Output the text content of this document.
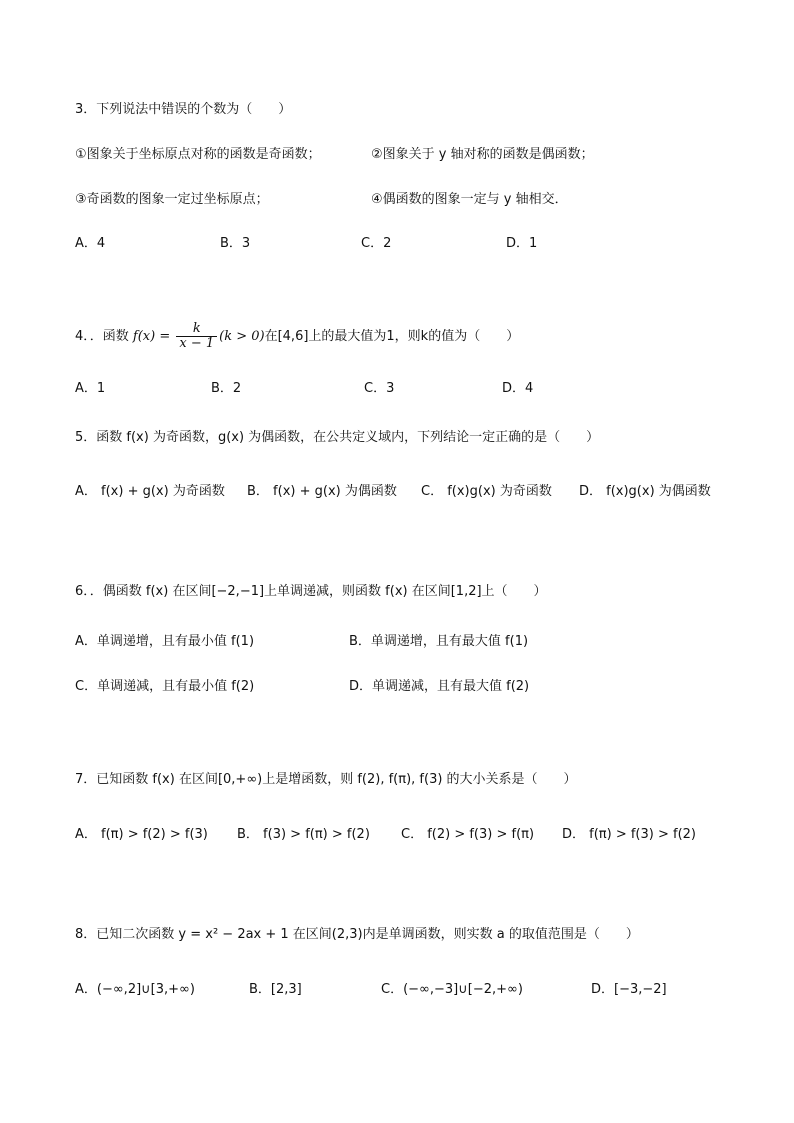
3．下列说法中错误的个数为（　　）
①图象关于坐标原点对称的函数是奇函数；	②图象关于 y 轴对称的函数是偶函数；
③奇函数的图象一定过坐标原点；	④偶函数的图象一定与 y 轴相交．
A．4	B．3	C．2	D．1
4．．函数 $f(x) = \frac{k}{x - 1} (k > 0)$在[4,6]上的最大值为1，则k的值为（　　）
A．1	B．2	C．3	D．4
5．函数 f(x) 为奇函数，g(x) 为偶函数，在公共定义域内，下列结论一定正确的是（　　）
A． f(x) + g(x) 为奇函数 B． f(x) + g(x) 为偶函数 C． f(x)g(x) 为奇函数 D． f(x)g(x) 为偶函数
6．．偶函数 f(x) 在区间[−2,−1]上单调递减，则函数 f(x) 在区间[1,2]上（　　）
A．单调递增，且有最小值 f(1)	B．单调递增，且有最大值 f(1)
C．单调递减，且有最小值 f(2)	D．单调递减，且有最大值 f(2)
7．已知函数 f(x) 在区间[0,+∞)上是增函数，则 f(2), f(π), f(3) 的大小关系是（　　）
A． f(π) > f(2) > f(3) B． f(3) > f(π) > f(2) C． f(2) > f(3) > f(π) D． f(π) > f(3) > f(2)
8．已知二次函数 y = x² − 2ax + 1 在区间(2,3)内是单调函数，则实数 a 的取值范围是（　　）
A．(−∞,2]∪[3,+∞)	B．[2,3]	C．(−∞,−3]∪[−2,+∞)	D．[−3,−2]
